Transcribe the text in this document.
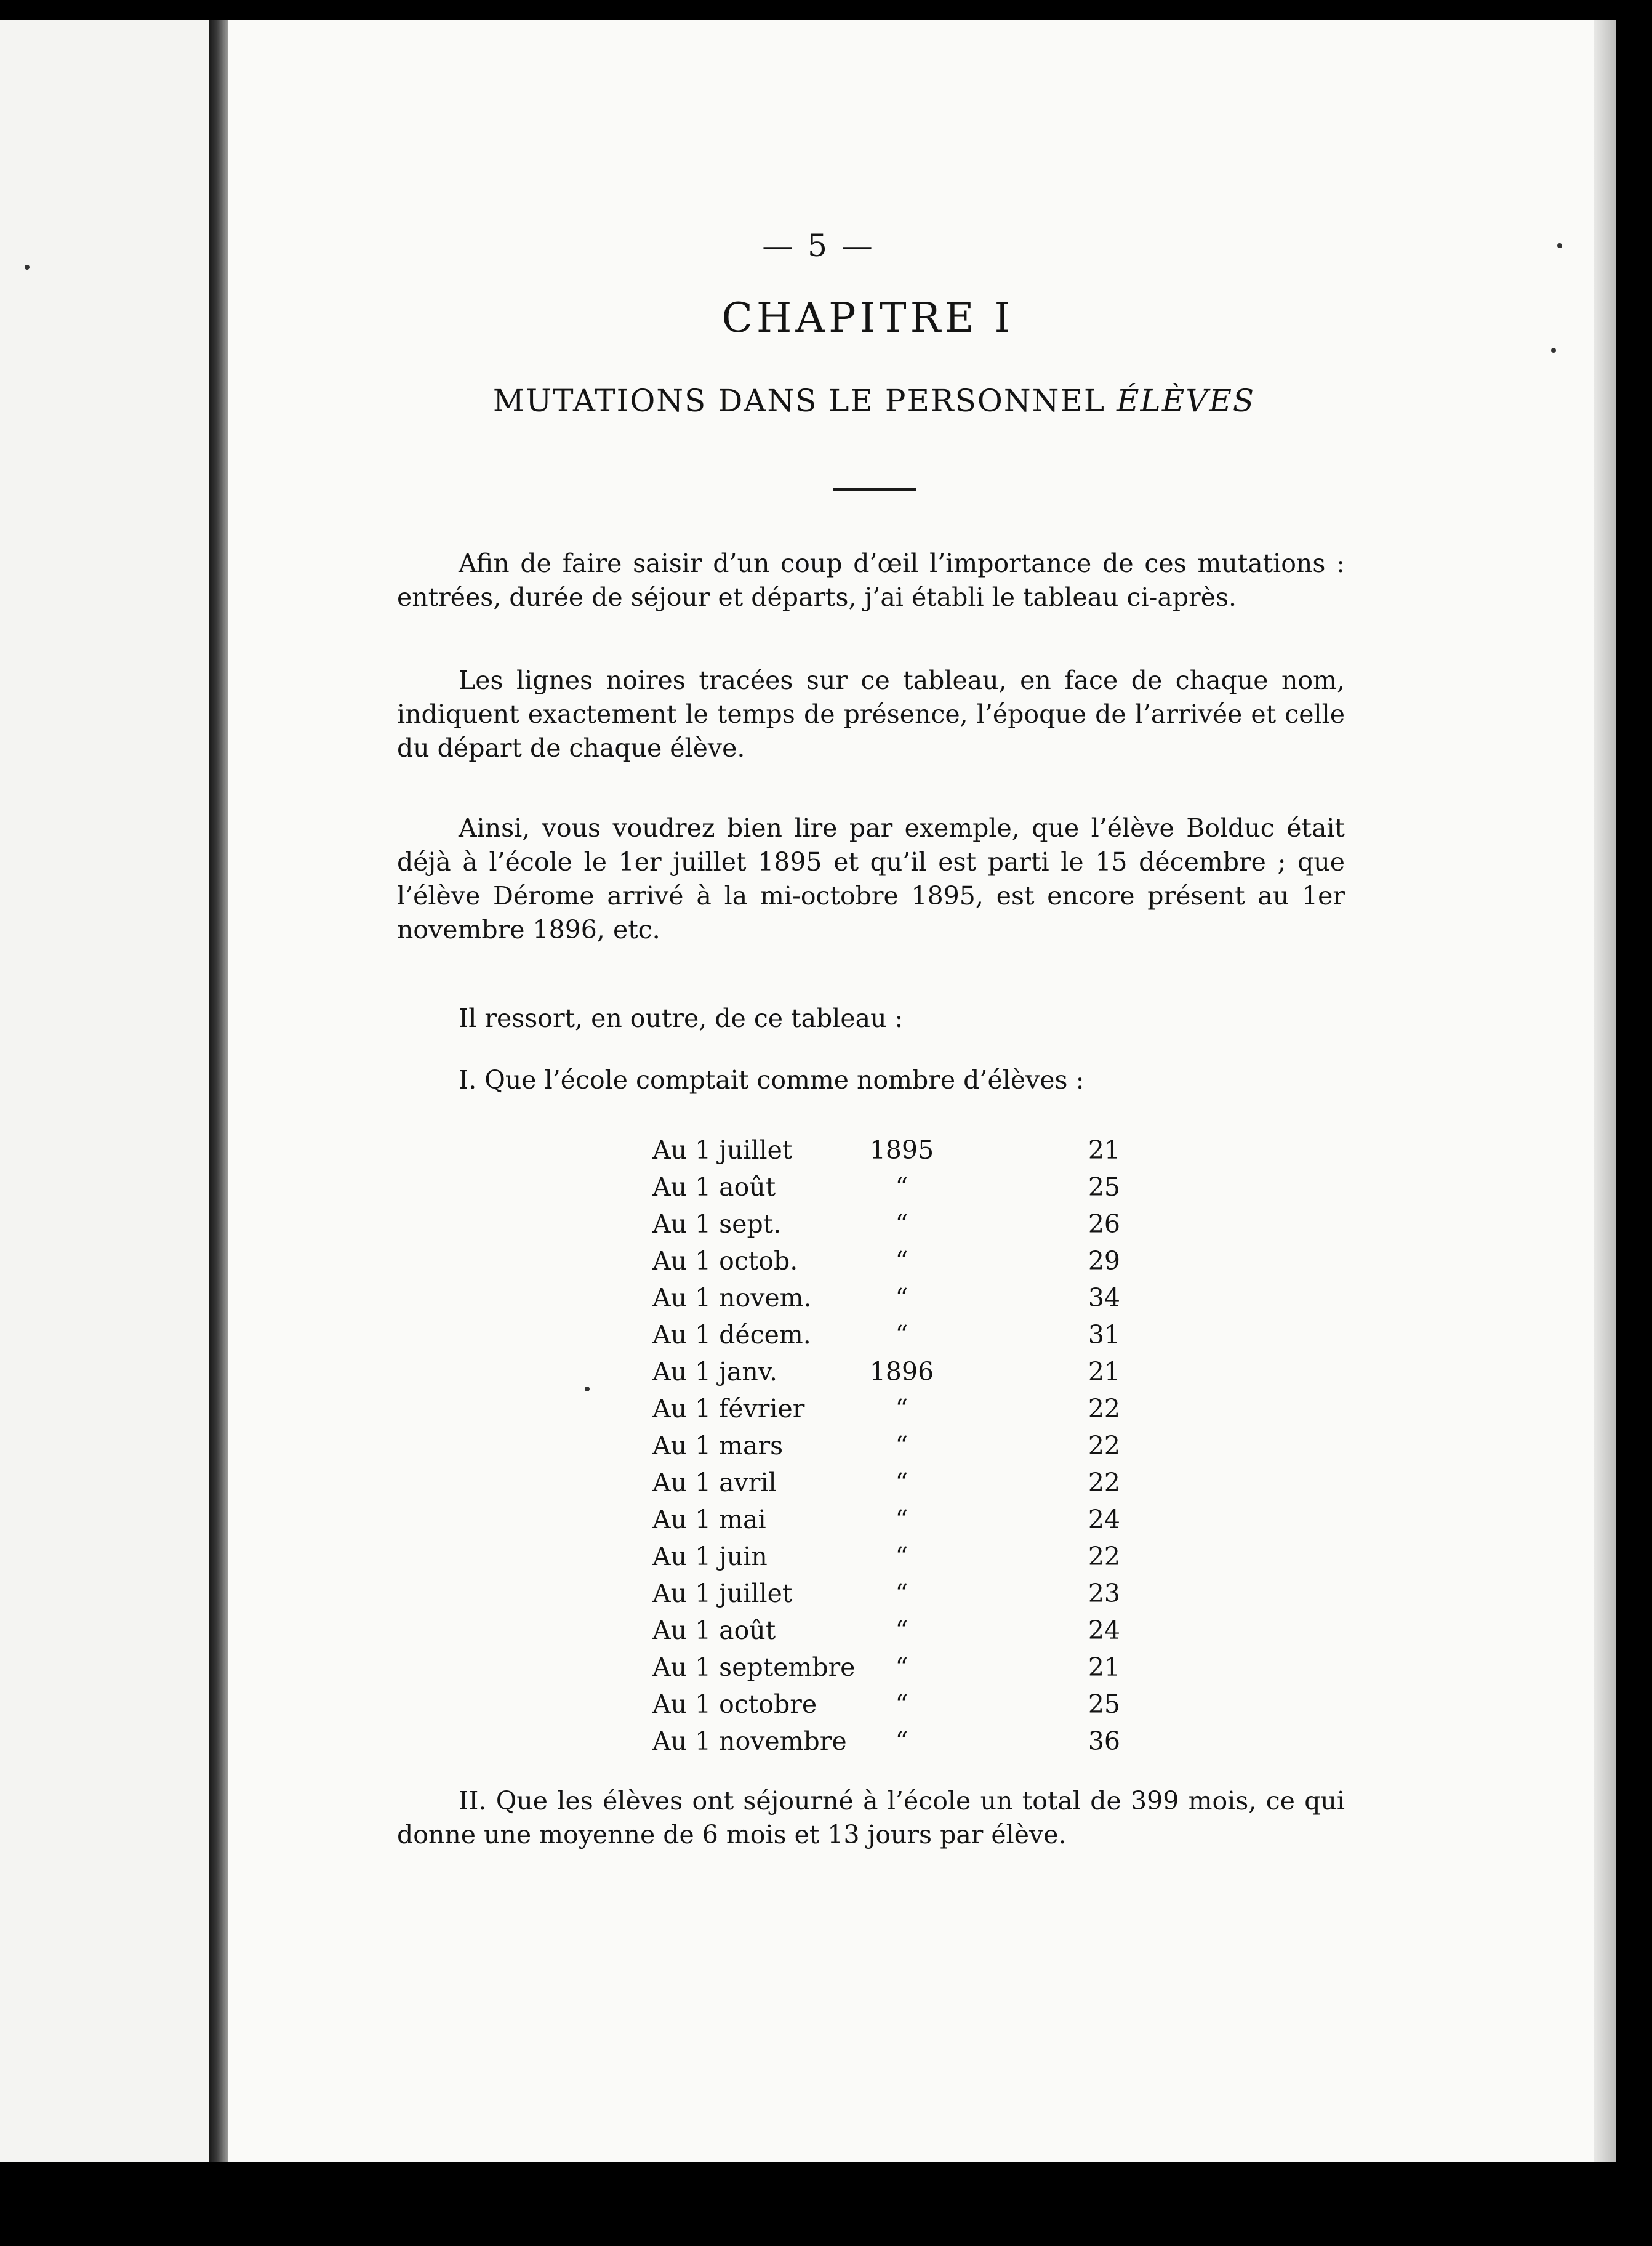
— 5 —
CHAPITRE I
MUTATIONS DANS LE PERSONNEL ÉLÈVES

Afin de faire saisir d’un coup d’œil l’importance de ces mutations : entrées, durée de séjour et départs, j’ai établi le tableau ci-après.

Les lignes noires tracées sur ce tableau, en face de chaque nom, indiquent exactement le temps de présence, l’époque de l’arrivée et celle du départ de chaque élève.

Ainsi, vous voudrez bien lire par exemple, que l’élève Bolduc était déjà à l’école le 1er juillet 1895 et qu’il est parti le 15 décembre ; que l’élève Dérome arrivé à la mi-octobre 1895, est encore présent au 1er novembre 1896, etc.

Il ressort, en outre, de ce tableau :

I. Que l’école comptait comme nombre d’élèves :

Au 1 juillet	1895	21
Au 1 août	“	25
Au 1 sept.	“	26
Au 1 octob.	“	29
Au 1 novem.	“	34
Au 1 décem.	“	31
Au 1 janv.	1896	21
Au 1 février	“	22
Au 1 mars	“	22
Au 1 avril	“	22
Au 1 mai	“	24
Au 1 juin	“	22
Au 1 juillet	“	23
Au 1 août	“	24
Au 1 septembre	“	21
Au 1 octobre	“	25
Au 1 novembre	“	36

II. Que les élèves ont séjourné à l’école un total de 399 mois, ce qui donne une moyenne de 6 mois et 13 jours par élève.
